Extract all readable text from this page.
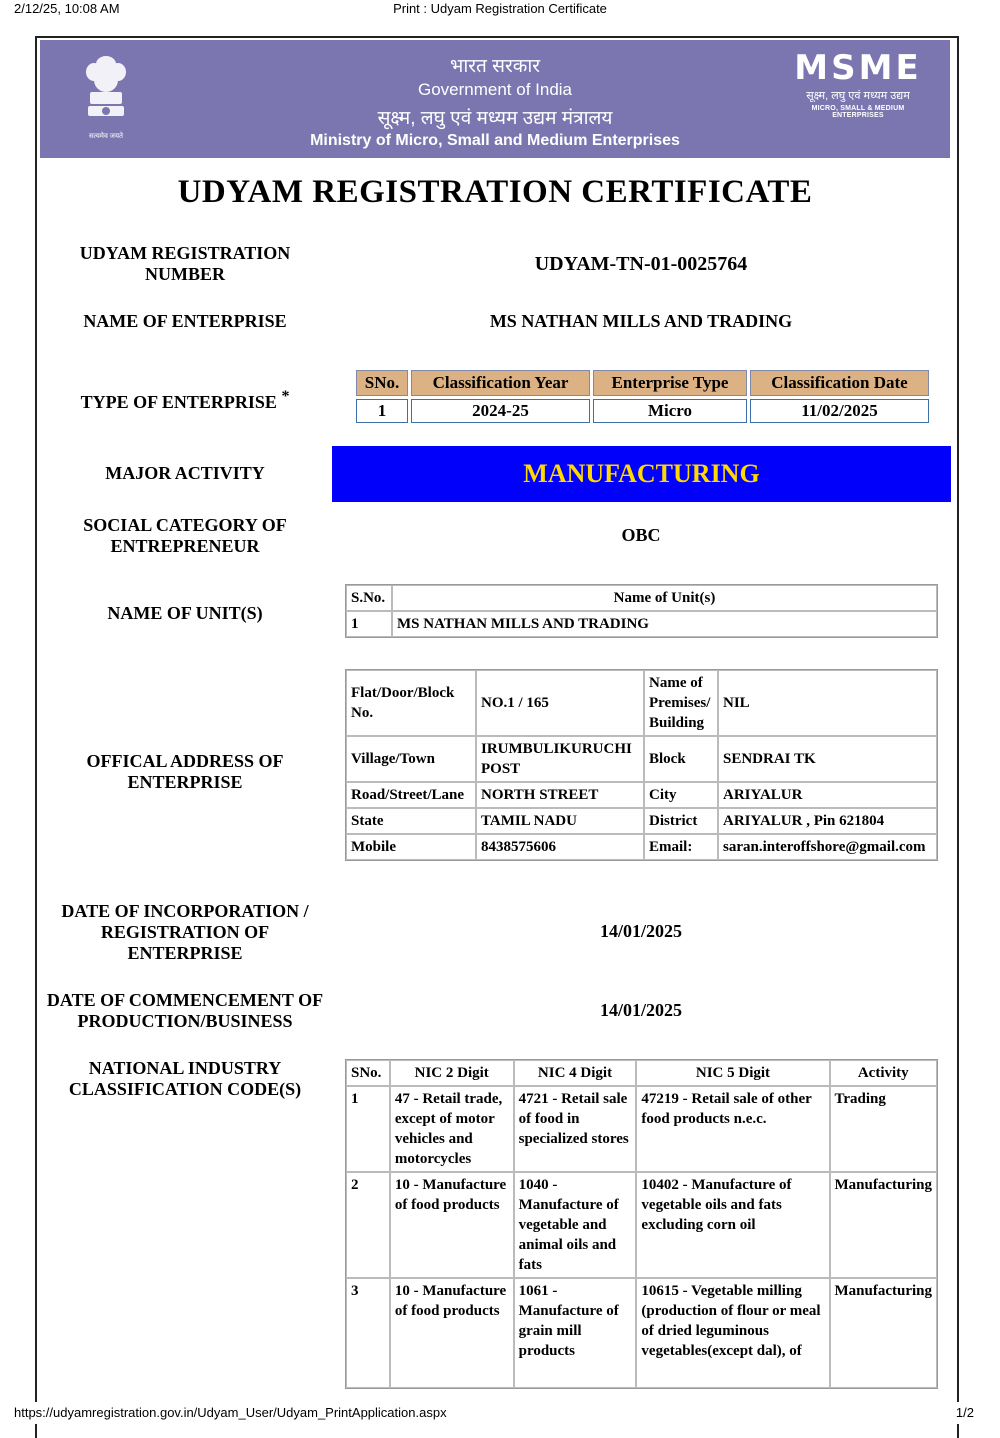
2/12/25, 10:08 AM	Print : Udyam Registration Certificate
सत्यमेव जयते
भारत सरकार
Government of India
सूक्ष्म, लघु एवं मध्यम उद्यम मंत्रालय
Ministry of Micro, Small and Medium Enterprises
MSME
सूक्ष्म, लघु एवं मध्यम उद्यम
MICRO, SMALL & MEDIUM ENTERPRISES
UDYAM REGISTRATION CERTIFICATE
UDYAM REGISTRATION NUMBER	UDYAM-TN-01-0025764
NAME OF ENTERPRISE	MS NATHAN MILLS AND TRADING
TYPE OF ENTERPRISE *
SNo.	Classification Year	Enterprise Type	Classification Date
1	2024-25	Micro	11/02/2025
MAJOR ACTIVITY	MANUFACTURING
SOCIAL CATEGORY OF ENTREPRENEUR
OBC
NAME OF UNIT(S)
S.No.	Name of Unit(s)
1	MS NATHAN MILLS AND TRADING
OFFICAL ADDRESS OF ENTERPRISE
Flat/Door/Block No.	NO.1 / 165	Name of Premises/ Building	NIL
Village/Town	IRUMBULIKURUCHI POST	Block	SENDRAI TK
Road/Street/Lane	NORTH STREET	City	ARIYALUR
State	TAMIL NADU	District	ARIYALUR , Pin 621804
Mobile	8438575606	Email:	saran.interoffshore@gmail.com
DATE OF INCORPORATION / REGISTRATION OF ENTERPRISE
14/01/2025
DATE OF COMMENCEMENT OF PRODUCTION/BUSINESS
14/01/2025
NATIONAL INDUSTRY CLASSIFICATION CODE(S)
SNo.	NIC 2 Digit	NIC 4 Digit	NIC 5 Digit	Activity
1	47 - Retail trade, except of motor vehicles and motorcycles	4721 - Retail sale of food in specialized stores	47219 - Retail sale of other food products n.e.c.	Trading
2	10 - Manufacture of food products	1040 - Manufacture of vegetable and animal oils and fats	10402 - Manufacture of vegetable oils and fats excluding corn oil	Manufacturing
3	10 - Manufacture of food products	1061 - Manufacture of grain mill products	10615 - Vegetable milling (production of flour or meal of dried leguminous vegetables(except dal), of	Manufacturing
https://udyamregistration.gov.in/Udyam_User/Udyam_PrintApplication.aspx	1/2
